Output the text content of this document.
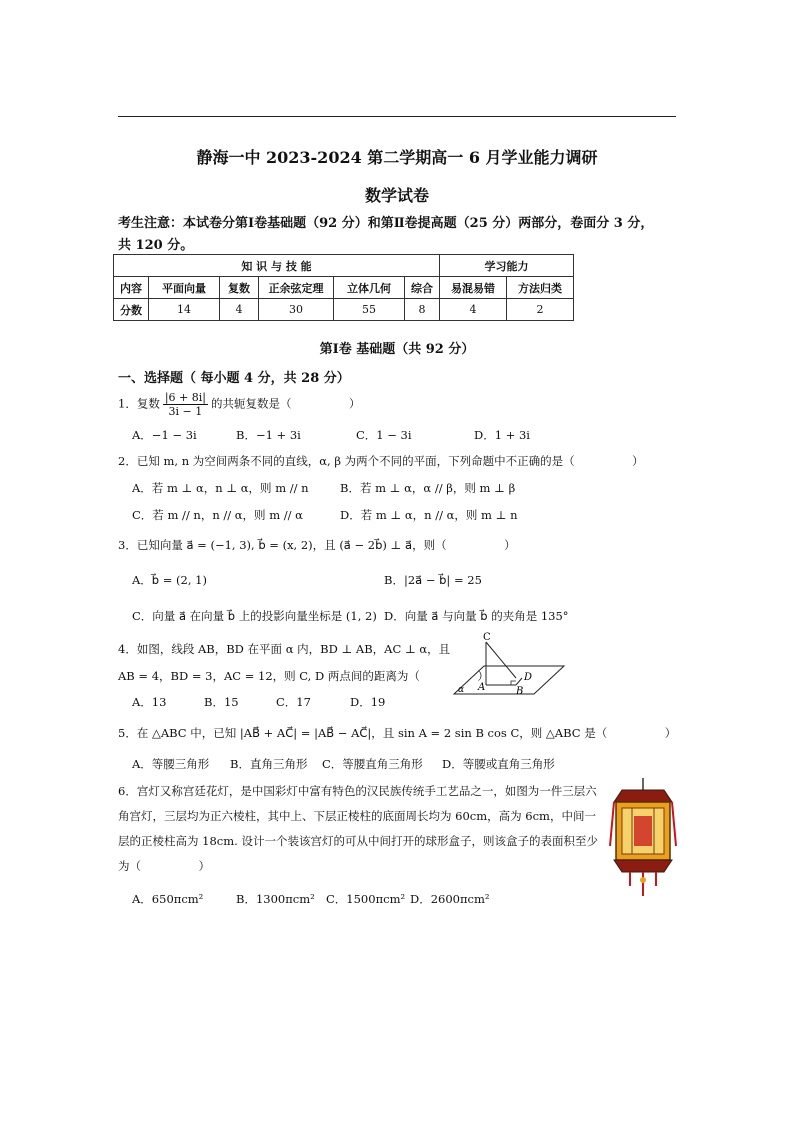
静海一中 2023-2024 第二学期高一 6 月学业能力调研
数学试卷
考生注意：本试卷分第Ⅰ卷基础题（92 分）和第Ⅱ卷提高题（25 分）两部分，卷面分 3 分，
共 120 分。
知 识 与 技 能						学习能力	
内容	平面向量	复数	正余弦定理	立体几何	综合	易混易错	方法归类
分数	14	4	30	55	8	4	2
第Ⅰ卷 基础题（共 92 分）
一、选择题（ 每小题 4 分，共 28 分）
1．复数 $\frac{|6 + 8i|}{3i - 1}$ 的共轭复数是（　　　　　）
A．−1 − 3i	B．−1 + 3i	C．1 − 3i	D．1 + 3i
2．已知 m, n 为空间两条不同的直线，α, β 为两个不同的平面，下列命题中不正确的是（　　　　　）
A．若 m ⊥ α，n ⊥ α，则 m // n	B．若 m ⊥ α，α // β，则 m ⊥ β
C．若 m // n，n // α，则 m // α	D．若 m ⊥ α，n // α，则 m ⊥ n
3．已知向量 a⃗ = (−1, 3), b⃗ = (x, 2)，且 (a⃗ − 2b⃗) ⊥ a⃗，则（　　　　　）
A．b⃗ = (2, 1)	B．|2a⃗ − b⃗| = 25
C．向量 a⃗ 在向量 b⃗ 上的投影向量坐标是 (1, 2) D．向量 a⃗ 与向量 b⃗ 的夹角是 135°
4．如图，线段 AB，BD 在平面 α 内，BD ⊥ AB，AC ⊥ α，且
AB = 4，BD = 3，AC = 12，则 C, D 两点间的距离为（　　　　　）
A．13	B．15	C．17	D．19
C
A	B
D
α
5．在 △ABC 中，已知 |AB⃗ + AC⃗| = |AB⃗ − AC⃗|，且 sin A = 2 sin B cos C，则 △ABC 是（　　　　　）
A．等腰三角形 B．直角三角形 C．等腰直角三角形 D．等腰或直角三角形
6．宫灯又称宫廷花灯，是中国彩灯中富有特色的汉民族传统手工艺品之一，如图为一件三层六角宫灯，三层均为正六棱柱，其中上、下层正棱柱的底面周长均为 60cm，高为 6cm，中间一层的正棱柱高为 18cm. 设计一个装该宫灯的可从中间打开的球形盒子，则该盒子的表面积至少为（　　　　　）
A．650πcm²	B．1300πcm² C．1500πcm² D．2600πcm²
